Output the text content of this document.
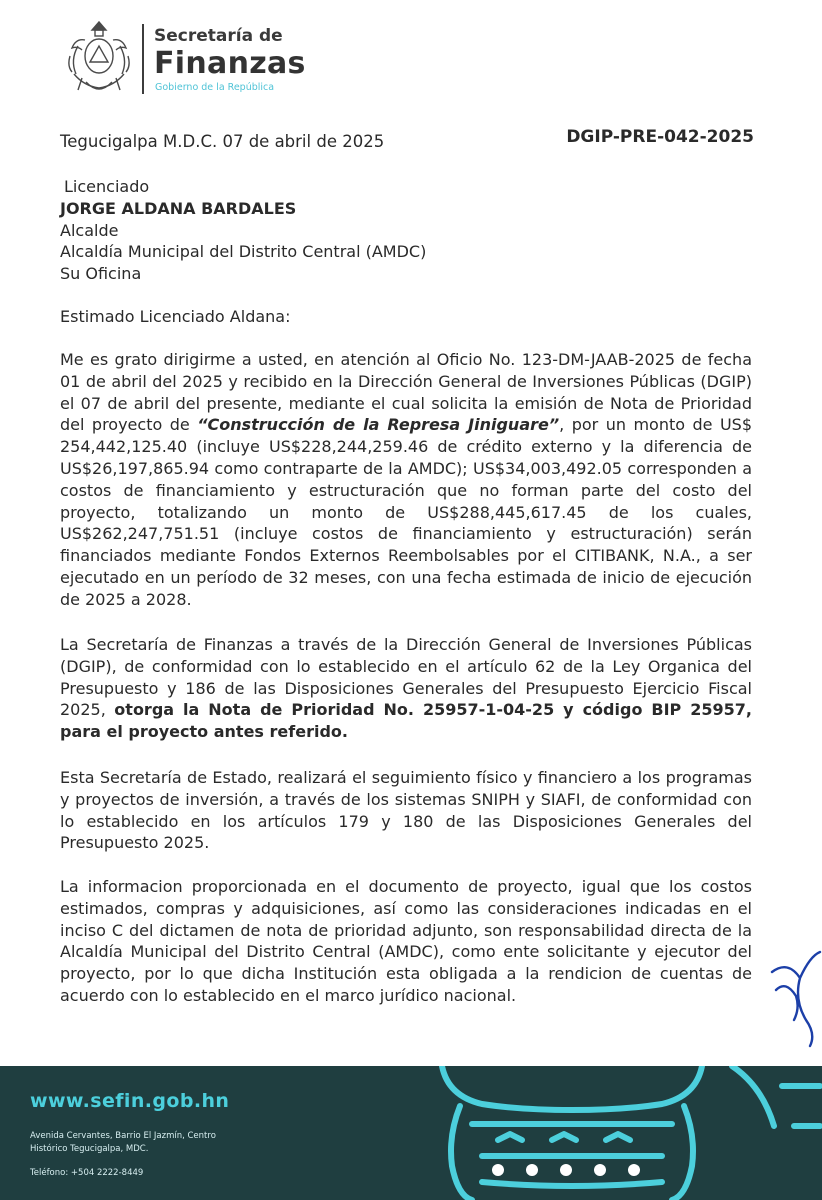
Secretaría de
Finanzas
Gobierno de la República
Tegucigalpa M.D.C. 07 de abril de 2025	DGIP-PRE-042-2025
Licenciado
JORGE ALDANA BARDALES
Alcalde
Alcaldía Municipal del Distrito Central (AMDC)
Su Oficina
Estimado Licenciado Aldana:

Me es grato dirigirme a usted, en atención al Oficio No. 123-DM-JAAB-2025 de fecha 01 de abril del 2025 y recibido en la Dirección General de Inversiones Públicas (DGIP) el 07 de abril del presente, mediante el cual solicita la emisión de Nota de Prioridad del proyecto de “Construcción de la Represa Jiniguare”, por un monto de US$ 254,442,125.40 (incluye US$228,244,259.46 de crédito externo y la diferencia de US$26,197,865.94 como contraparte de la AMDC); US$34,003,492.05 corresponden a costos de financiamiento y estructuración que no forman parte del costo del proyecto, totalizando un monto de US$288,445,617.45 de los cuales, US$262,247,751.51 (incluye costos de financiamiento y estructuración) serán financiados mediante Fondos Externos Reembolsables por el CITIBANK, N.A., a ser ejecutado en un período de 32 meses, con una fecha estimada de inicio de ejecución de 2025 a 2028.

La Secretaría de Finanzas a través de la Dirección General de Inversiones Públicas (DGIP), de conformidad con lo establecido en el artículo 62 de la Ley Organica del Presupuesto y 186 de las Disposiciones Generales del Presupuesto Ejercicio Fiscal 2025, otorga la Nota de Prioridad No. 25957-1-04-25 y código BIP 25957, para el proyecto antes referido.

Esta Secretaría de Estado, realizará el seguimiento físico y financiero a los programas y proyectos de inversión, a través de los sistemas SNIPH y SIAFI, de conformidad con lo establecido en los artículos 179 y 180 de las Disposiciones Generales del Presupuesto 2025.

La informacion proporcionada en el documento de proyecto, igual que los costos estimados, compras y adquisiciones, así como las consideraciones indicadas en el inciso C del dictamen de nota de prioridad adjunto, son responsabilidad directa de la Alcaldía Municipal del Distrito Central (AMDC), como ente solicitante y ejecutor del proyecto, por lo que dicha Institución esta obligada a la rendicion de cuentas de acuerdo con lo establecido en el marco jurídico nacional.

www.sefin.gob.hn
Avenida Cervantes, Barrio El Jazmín, Centro
Histórico Tegucigalpa, MDC.
Teléfono: +504 2222-8449
